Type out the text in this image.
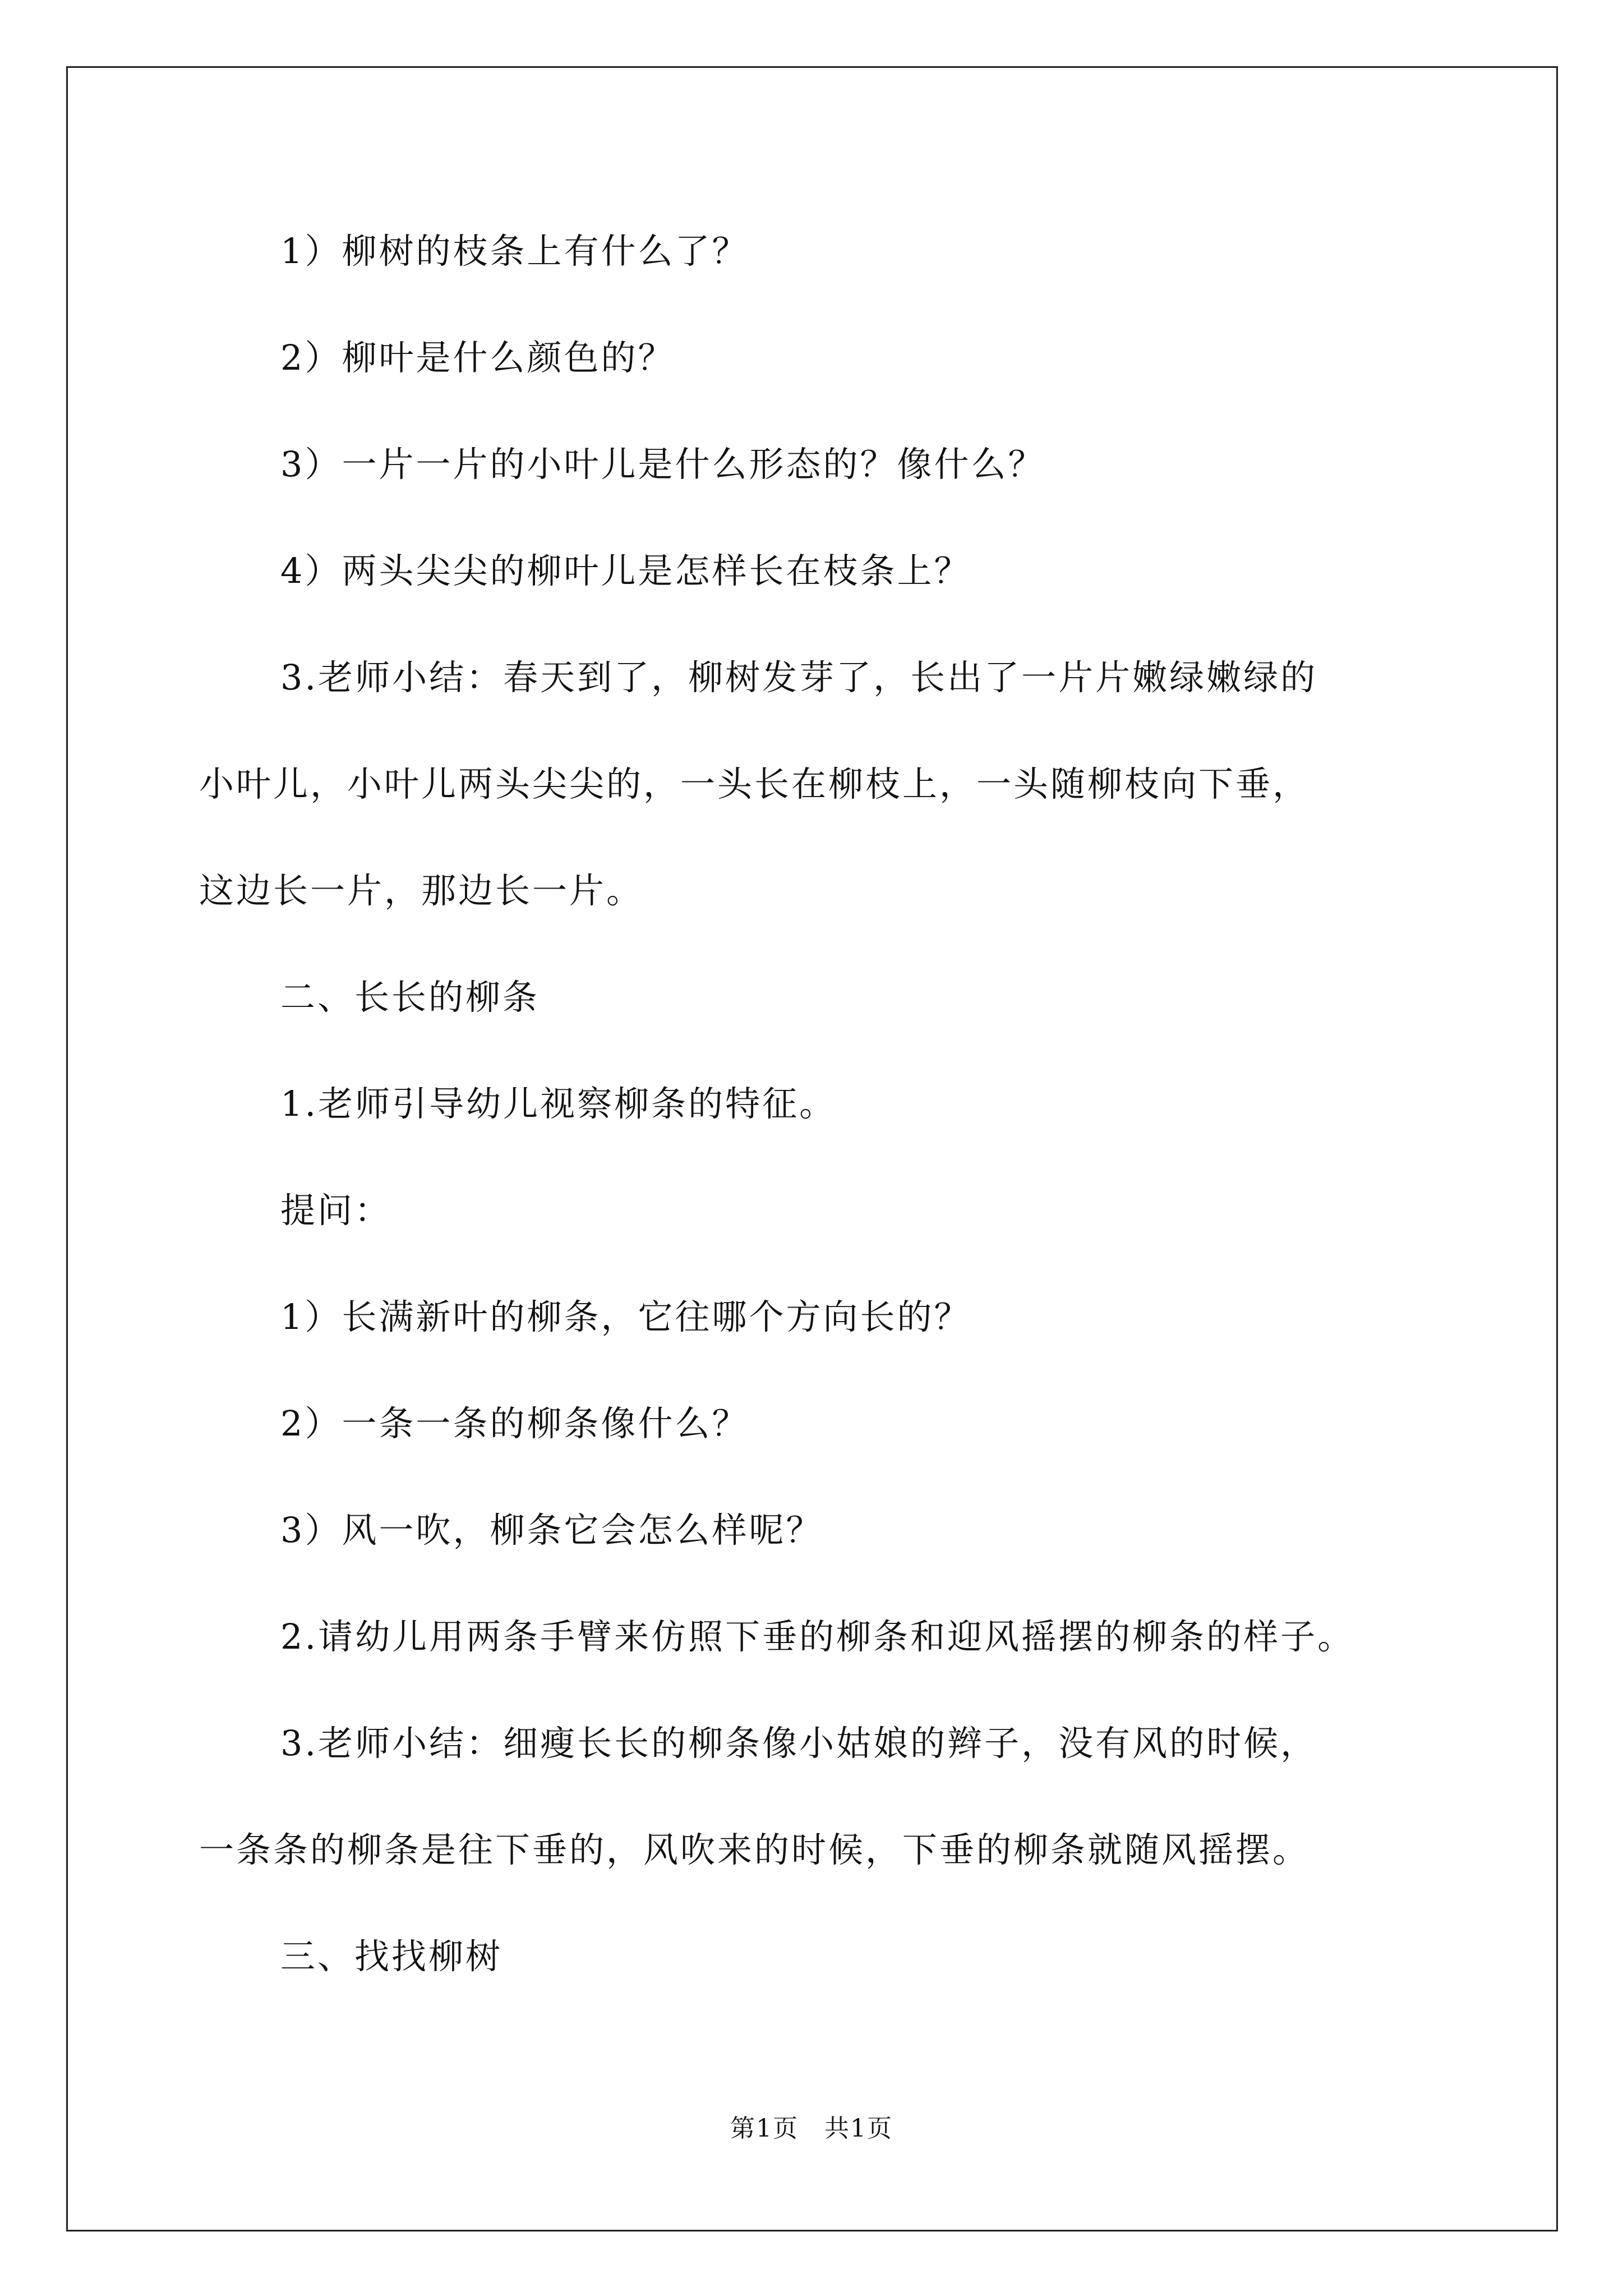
1）柳树的枝条上有什么了？
2）柳叶是什么颜色的？
3）一片一片的小叶儿是什么形态的？像什么？
4）两头尖尖的柳叶儿是怎样长在枝条上？
3.老师小结：春天到了，柳树发芽了，长出了一片片嫩绿嫩绿的
小叶儿，小叶儿两头尖尖的，一头长在柳枝上，一头随柳枝向下垂，
这边长一片，那边长一片。
二、长长的柳条
1.老师引导幼儿视察柳条的特征。
提问：
1）长满新叶的柳条，它往哪个方向长的？
2）一条一条的柳条像什么？
3）风一吹，柳条它会怎么样呢？
2.请幼儿用两条手臂来仿照下垂的柳条和迎风摇摆的柳条的样子。
3.老师小结：细瘦长长的柳条像小姑娘的辫子，没有风的时候，
一条条的柳条是往下垂的，风吹来的时候，下垂的柳条就随风摇摆。
三、找找柳树
第1页　共1页
